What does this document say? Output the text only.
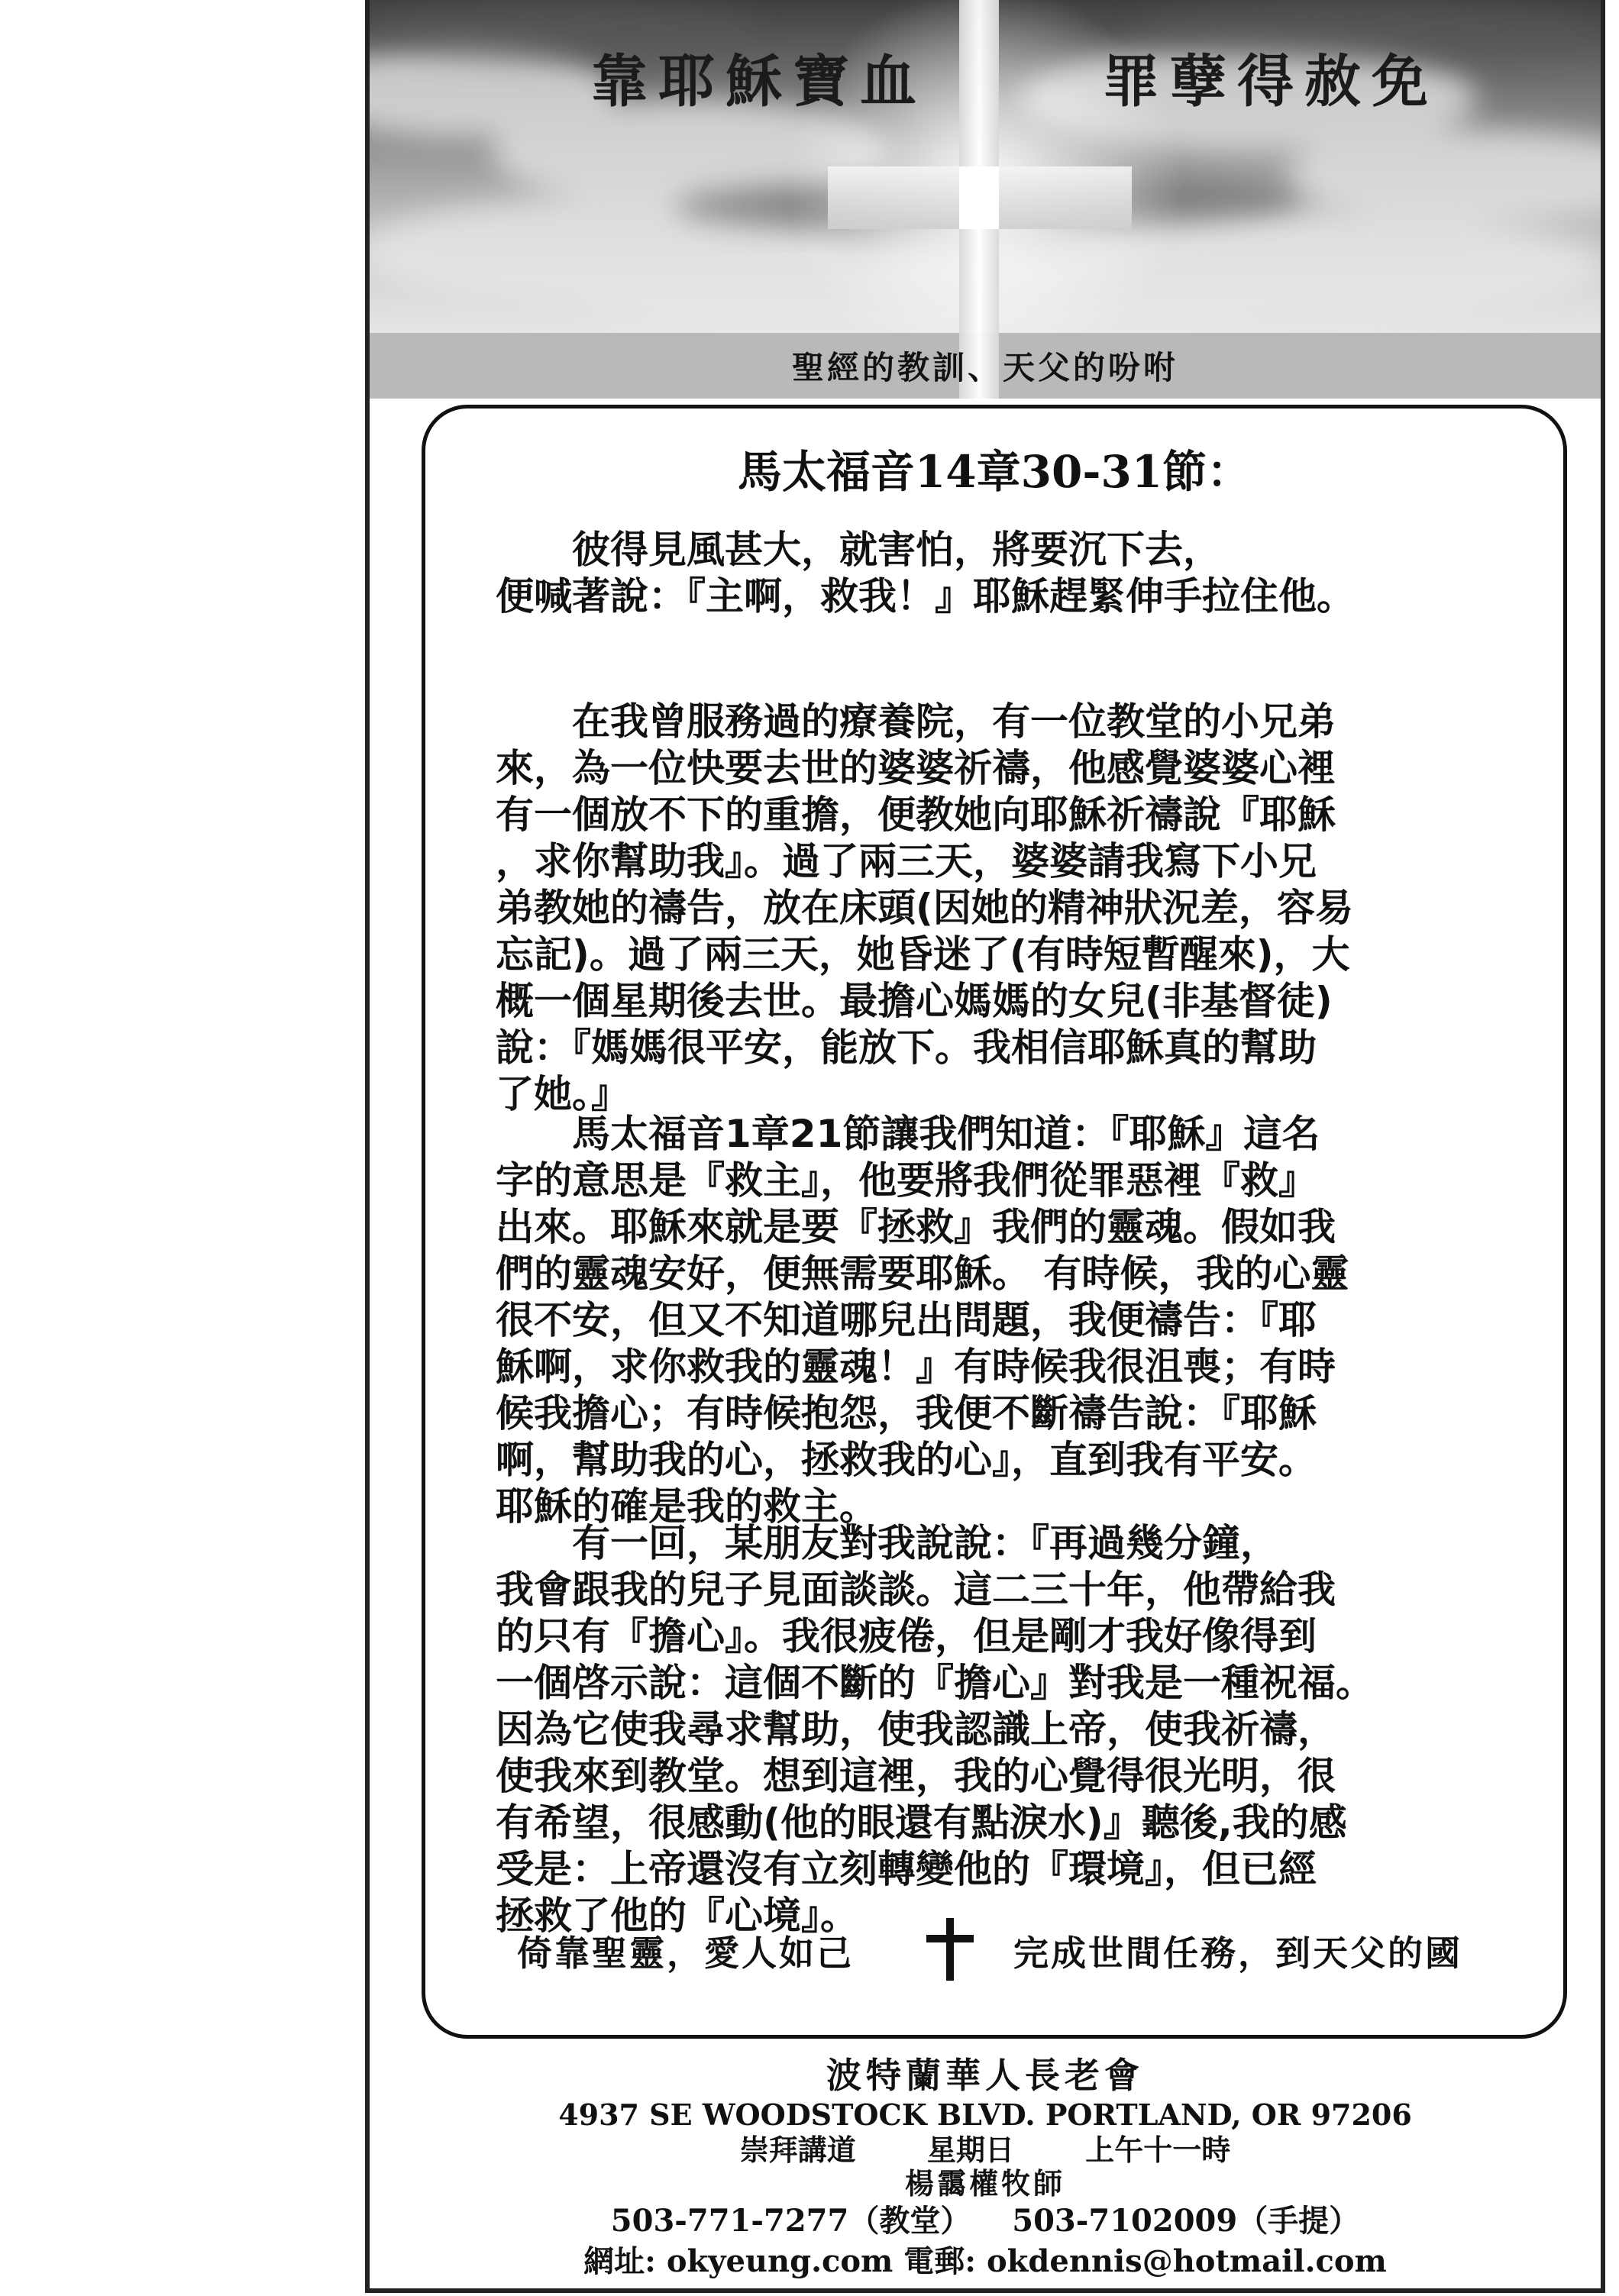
靠耶穌寶血	罪孽得赦免
聖經的教訓、天父的吩咐
馬太福音14章30-31節：
　　彼得見風甚大，就害怕，將要沉下去，
便喊著說：『主啊，救我！』耶穌趕緊伸手拉住他。
　　在我曾服務過的療養院，有一位教堂的小兄弟
來，為一位快要去世的婆婆祈禱，他感覺婆婆心裡
有一個放不下的重擔，便教她向耶穌祈禱說『耶穌
，求你幫助我』。過了兩三天，婆婆請我寫下小兄
弟教她的禱告，放在床頭(因她的精神狀況差，容易
忘記)。過了兩三天，她昏迷了(有時短暫醒來)，大
概一個星期後去世。最擔心媽媽的女兒(非基督徒)
說：『媽媽很平安，能放下。我相信耶穌真的幫助
了她。』
　　馬太福音1章21節讓我們知道：『耶穌』這名
字的意思是『救主』，他要將我們從罪惡裡『救』
出來。耶穌來就是要『拯救』我們的靈魂。假如我
們的靈魂安好，便無需要耶穌。 有時候，我的心靈
很不安，但又不知道哪兒出問題，我便禱告：『耶
穌啊，求你救我的靈魂！』有時候我很沮喪；有時
候我擔心；有時候抱怨，我便不斷禱告說：『耶穌
啊，幫助我的心，拯救我的心』，直到我有平安。
耶穌的確是我的救主。
　　有一回，某朋友對我說說：『再過幾分鐘，
我會跟我的兒子見面談談。這二三十年，他帶給我
的只有『擔心』。我很疲倦，但是剛才我好像得到
一個啓示說：這個不斷的『擔心』對我是一種祝福。
因為它使我尋求幫助，使我認識上帝，使我祈禱，
使我來到教堂。想到這裡，我的心覺得很光明，很
有希望，很感動(他的眼還有點淚水)』聽後,我的感
受是：上帝還沒有立刻轉變他的『環境』，但已經
拯救了他的『心境』。
倚靠聖靈，愛人如己	完成世間任務，到天父的國
波特蘭華人長老會
4937 SE WOODSTOCK BLVD. PORTLAND, OR 97206
崇拜講道 星期日 上午十一時
楊靄權牧師
503-771-7277（教堂） 503-7102009（手提）
網址: okyeung.com 電郵: okdennis@hotmail.com
